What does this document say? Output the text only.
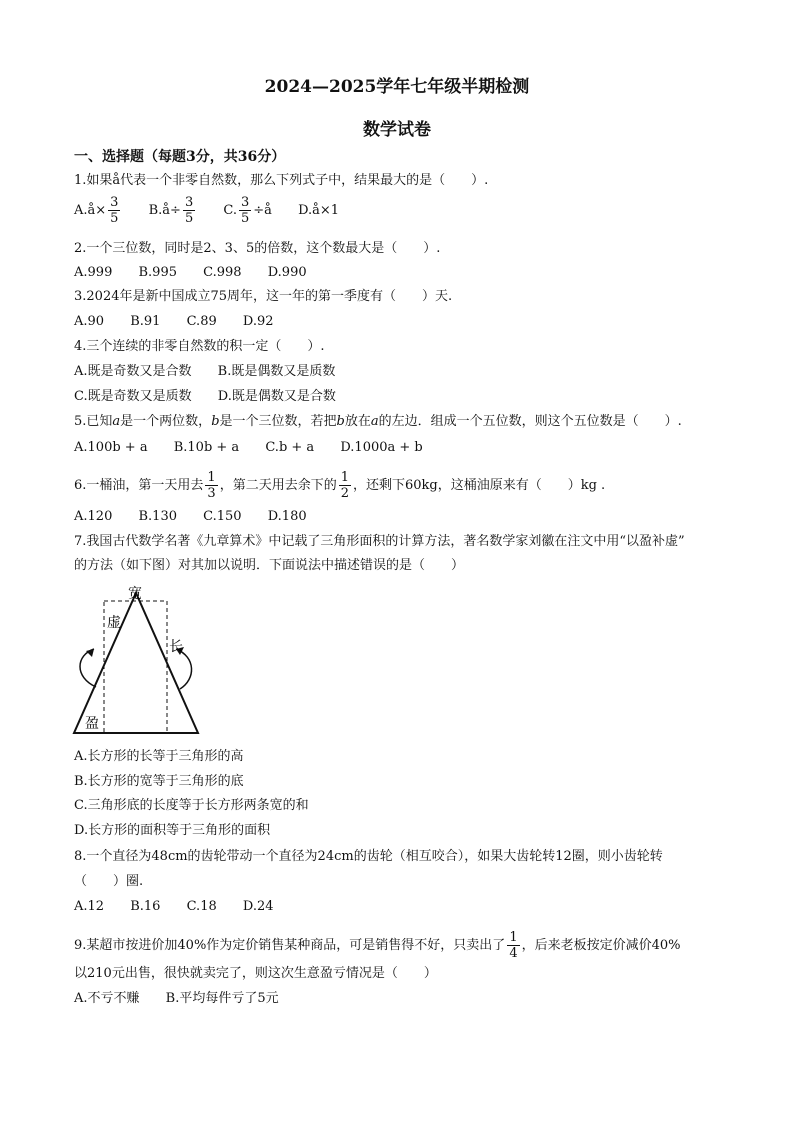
2024—2025学年七年级半期检测
数学试卷
一、选择题（每题3分，共36分）
1.如果å代表一个非零自然数，那么下列式子中，结果最大的是（　　）.
A.å× $\frac{3}{5}$ B.å÷ $\frac{3}{5} C$. $\frac{3}{5}$ ÷å D.å×1
2.一个三位数，同时是2、3、5的倍数，这个数最大是（　　）.
A.999 B.995 C.998 D.990
3.2024年是新中国成立75周年，这一年的第一季度有（　　）天.
A.90 B.91 C.89 D.92
4.三个连续的非零自然数的积一定（　　）.
A.既是奇数又是合数 B.既是偶数又是质数
C.既是奇数又是质数 D.既是偶数又是合数
5.已知a是一个两位数，b是一个三位数，若把b放在a的左边．组成一个五位数，则这个五位数是（　　）.
A.100b + a B.10b + a C.b + a D.1000a + b
6.一桶油，第一天用去 $\frac{1}{3}$ ，第二天用去余下的 $\frac{1}{2}$ ，还剩下60kg，这桶油原来有（　　）kg .
A.120 B.130 C.150 D.180
7.我国古代数学名著《九章算术》中记载了三角形面积的计算方法，著名数学家刘徽在注文中用“以盈补虚”
的方法（如下图）对其加以说明．下面说法中描述错误的是（　　）
宽
虚
长
盈
A.长方形的长等于三角形的高
B.长方形的宽等于三角形的底
C.三角形底的长度等于长方形两条宽的和
D.长方形的面积等于三角形的面积
8.一个直径为48cm的齿轮带动一个直径为24cm的齿轮（相互咬合），如果大齿轮转12圈，则小齿轮转
（　　）圈.
A.12 B.16 C.18 D.24
9.某超市按进价加40%作为定价销售某种商品，可是销售得不好，只卖出了 $\frac{1}{4}$ ，后来老板按定价减价40%
以210元出售，很快就卖完了，则这次生意盈亏情况是（　　）
A.不亏不赚 B.平均每件亏了5元
